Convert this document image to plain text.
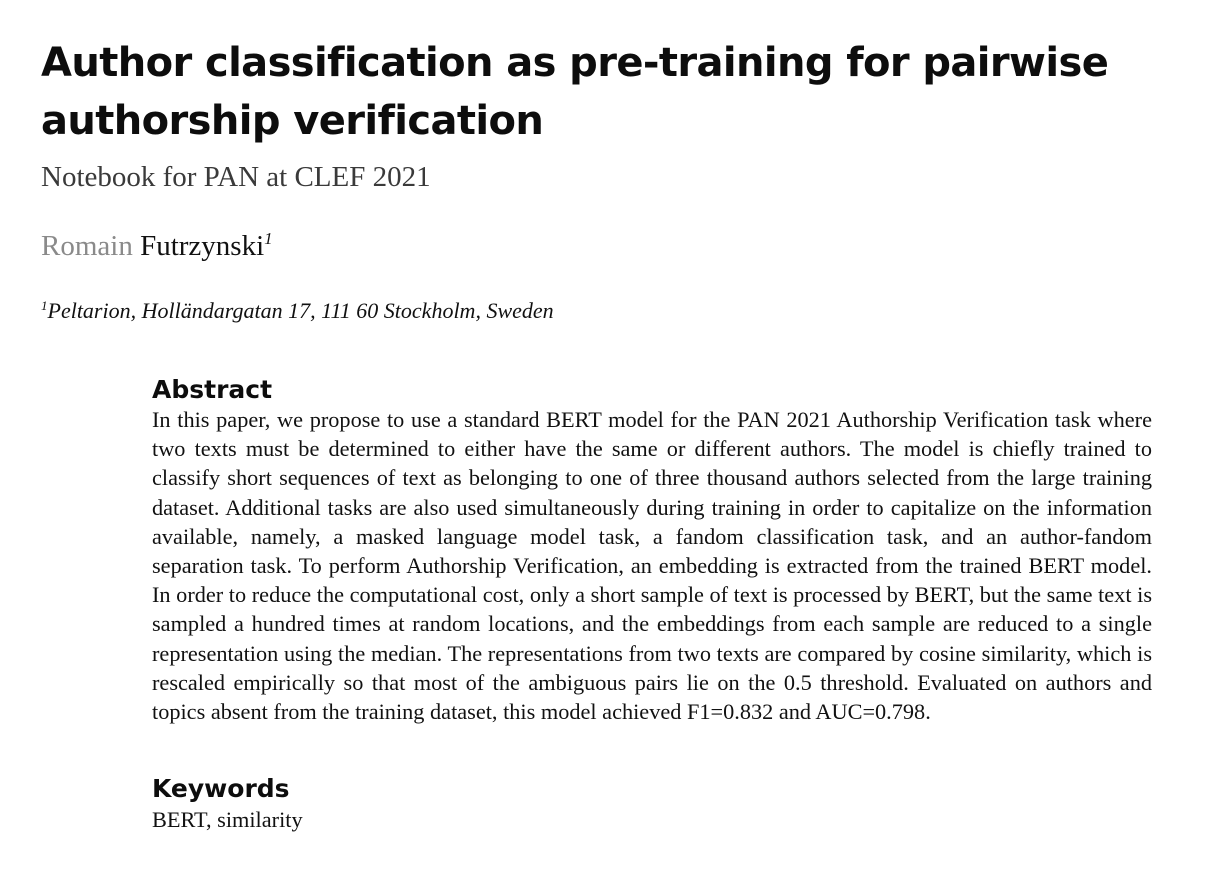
Author classification as pre-training for pairwise authorship verification
Notebook for PAN at CLEF 2021
Romain Futrzynski$^1$
$^1$Peltarion, Holländargatan 17, 111 60 Stockholm, Sweden
Abstract

In this paper, we propose to use a standard BERT model for the PAN 2021 Authorship Verification task where two texts must be determined to either have the same or different authors. The model is chiefly trained to classify short sequences of text as belonging to one of three thousand authors selected from the large training dataset. Additional tasks are also used simultaneously during training in order to capitalize on the information available, namely, a masked language model task, a fandom classification task, and an author-fandom separation task. To perform Authorship Verification, an embedding is extracted from the trained BERT model. In order to reduce the computational cost, only a short sample of text is processed by BERT, but the same text is sampled a hundred times at random locations, and the embeddings from each sample are reduced to a single representation using the median. The representations from two texts are compared by cosine similarity, which is rescaled empirically so that most of the ambiguous pairs lie on the 0.5 threshold. Evaluated on authors and topics absent from the training dataset, this model achieved F1=0.832 and AUC=0.798.

Keywords

BERT, similarity
